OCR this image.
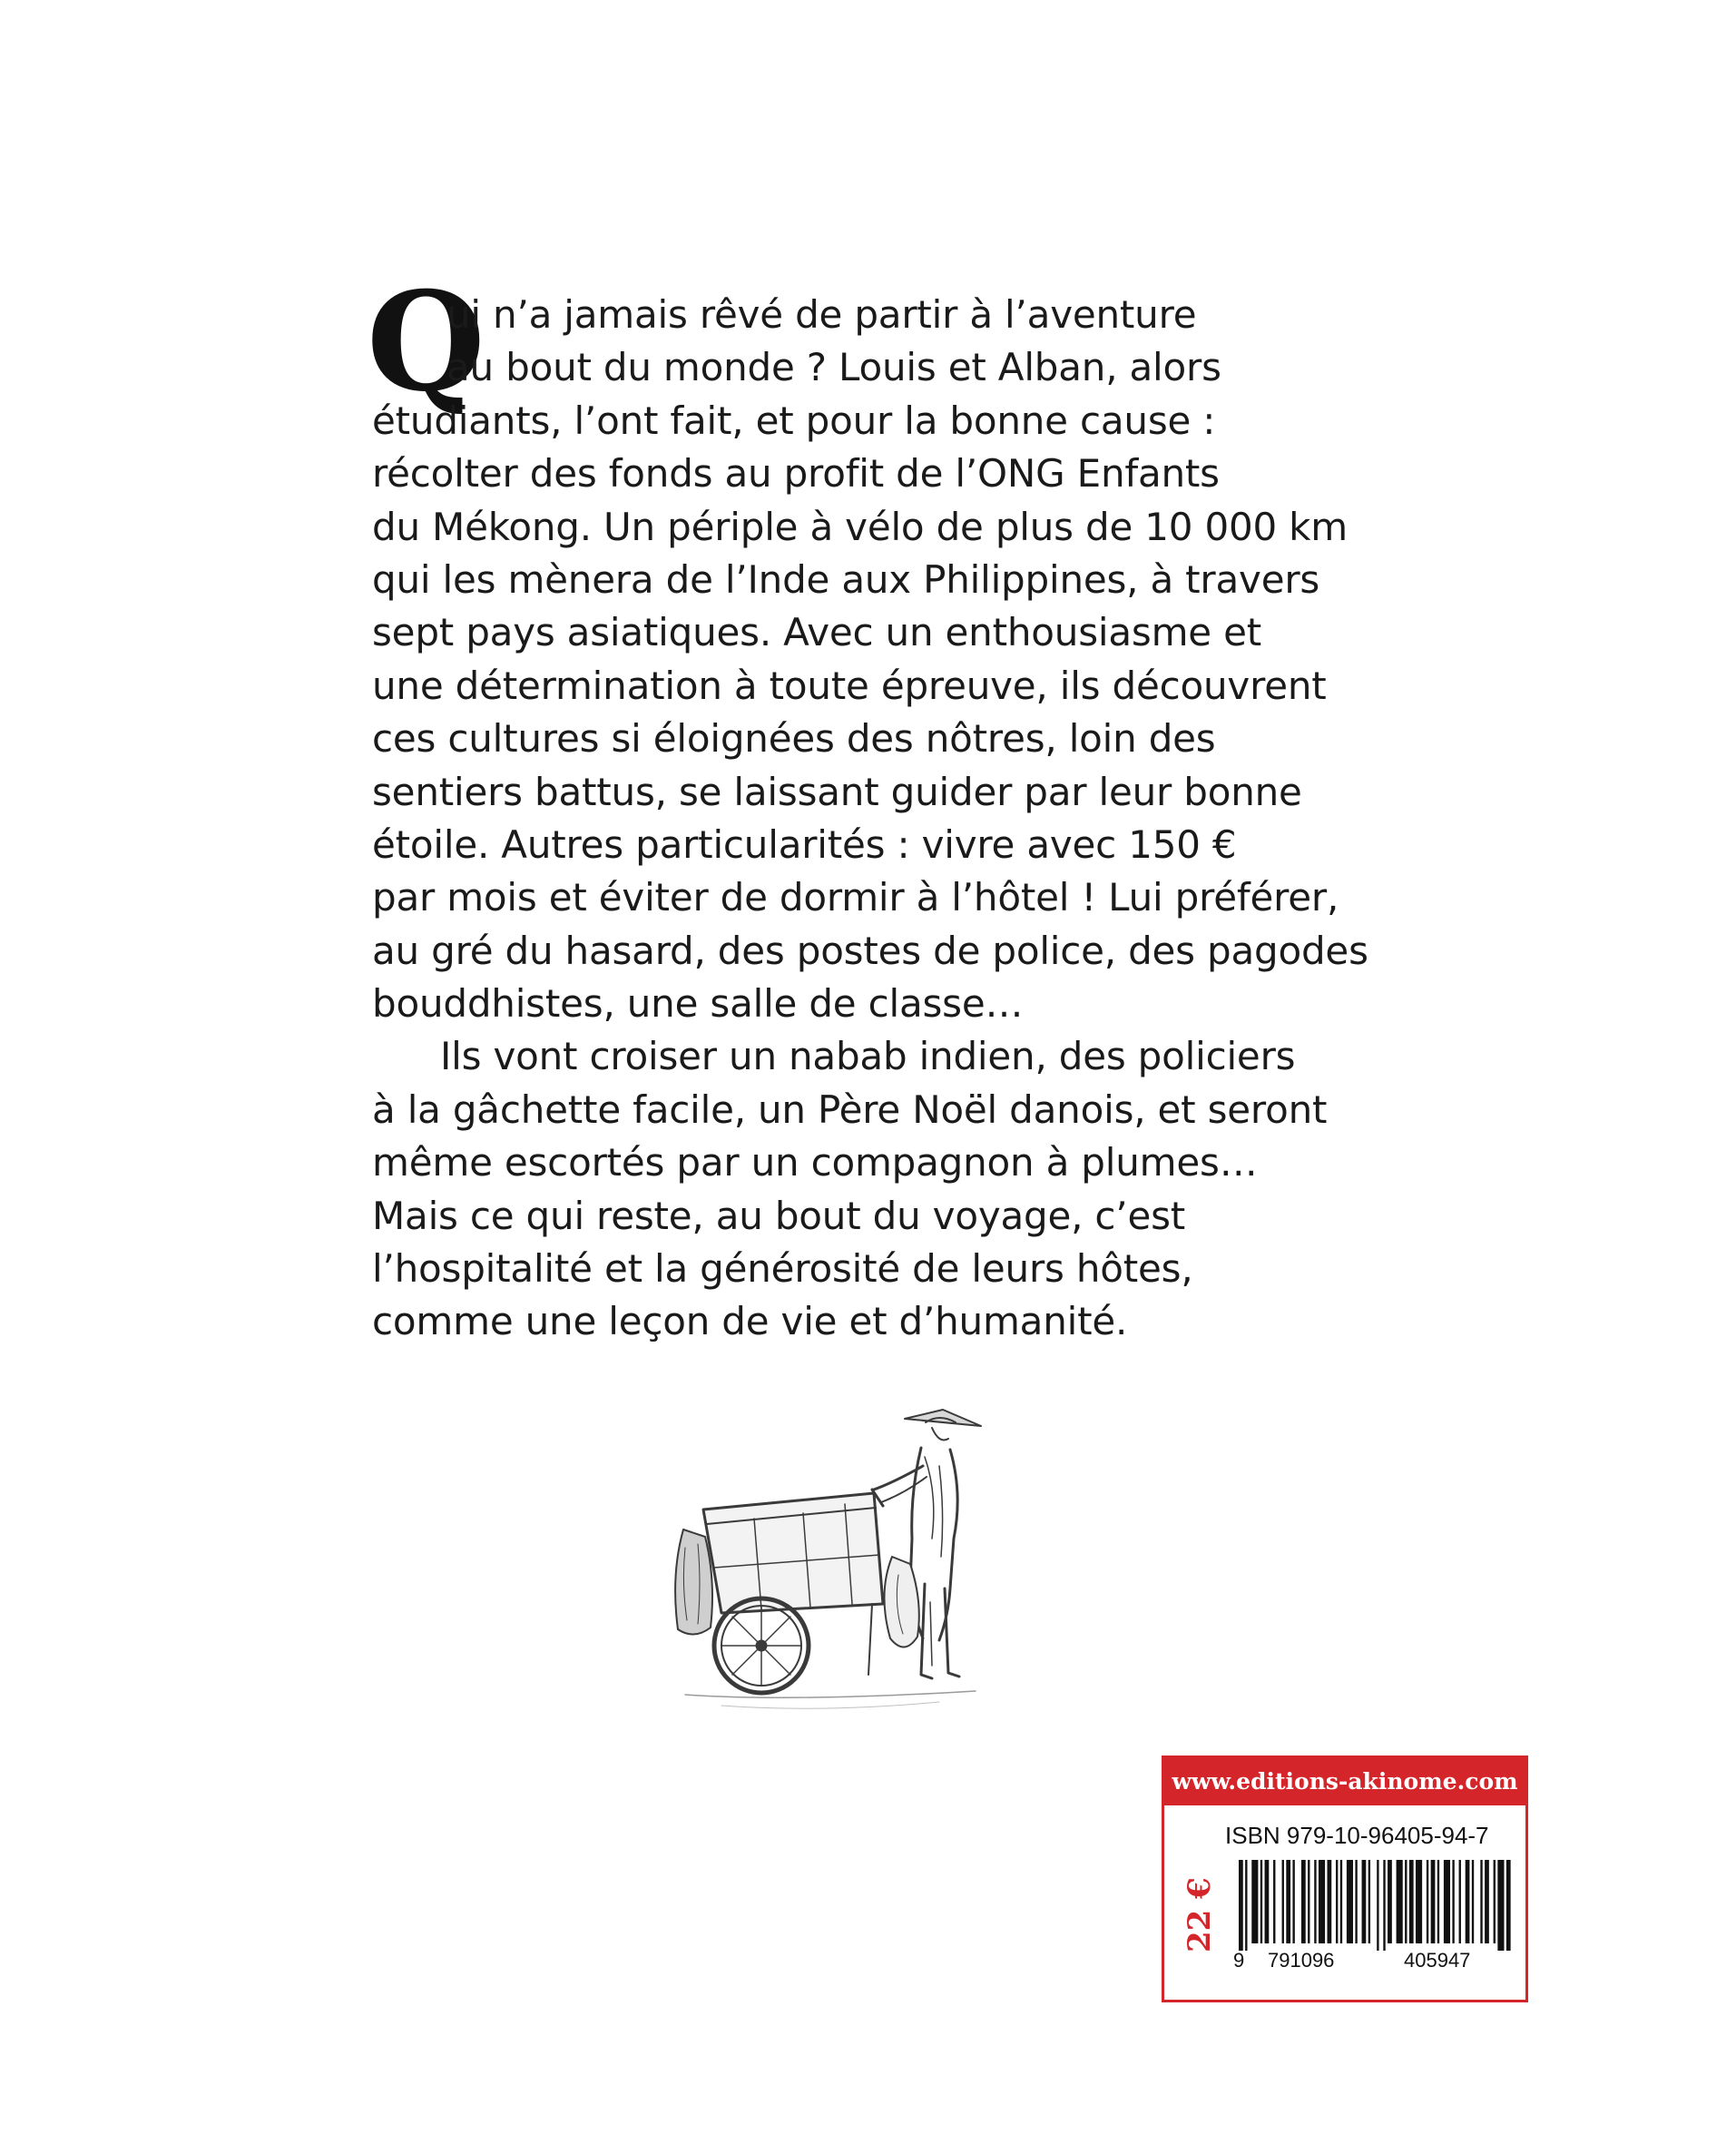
Q
ui n’a jamais rêvé de partir à l’aventure
au bout du monde ? Louis et Alban, alors
étudiants, l’ont fait, et pour la bonne cause :
récolter des fonds au profit de l’ONG Enfants
du Mékong. Un périple à vélo de plus de 10 000 km
qui les mènera de l’Inde aux Philippines, à travers
sept pays asiatiques. Avec un enthousiasme et
une détermination à toute épreuve, ils découvrent
ces cultures si éloignées des nôtres, loin des
sentiers battus, se laissant guider par leur bonne
étoile. Autres particularités : vivre avec 150 €
par mois et éviter de dormir à l’hôtel ! Lui préférer,
au gré du hasard, des postes de police, des pagodes
bouddhistes, une salle de classe…
Ils vont croiser un nabab indien, des policiers
à la gâchette facile, un Père Noël danois, et seront
même escortés par un compagnon à plumes…
Mais ce qui reste, au bout du voyage, c’est
l’hospitalité et la générosité de leurs hôtes,
comme une leçon de vie et d’humanité.
www.editions-akinome.com
ISBN 979-10-96405-94-7
22 €
9 791096	405947
